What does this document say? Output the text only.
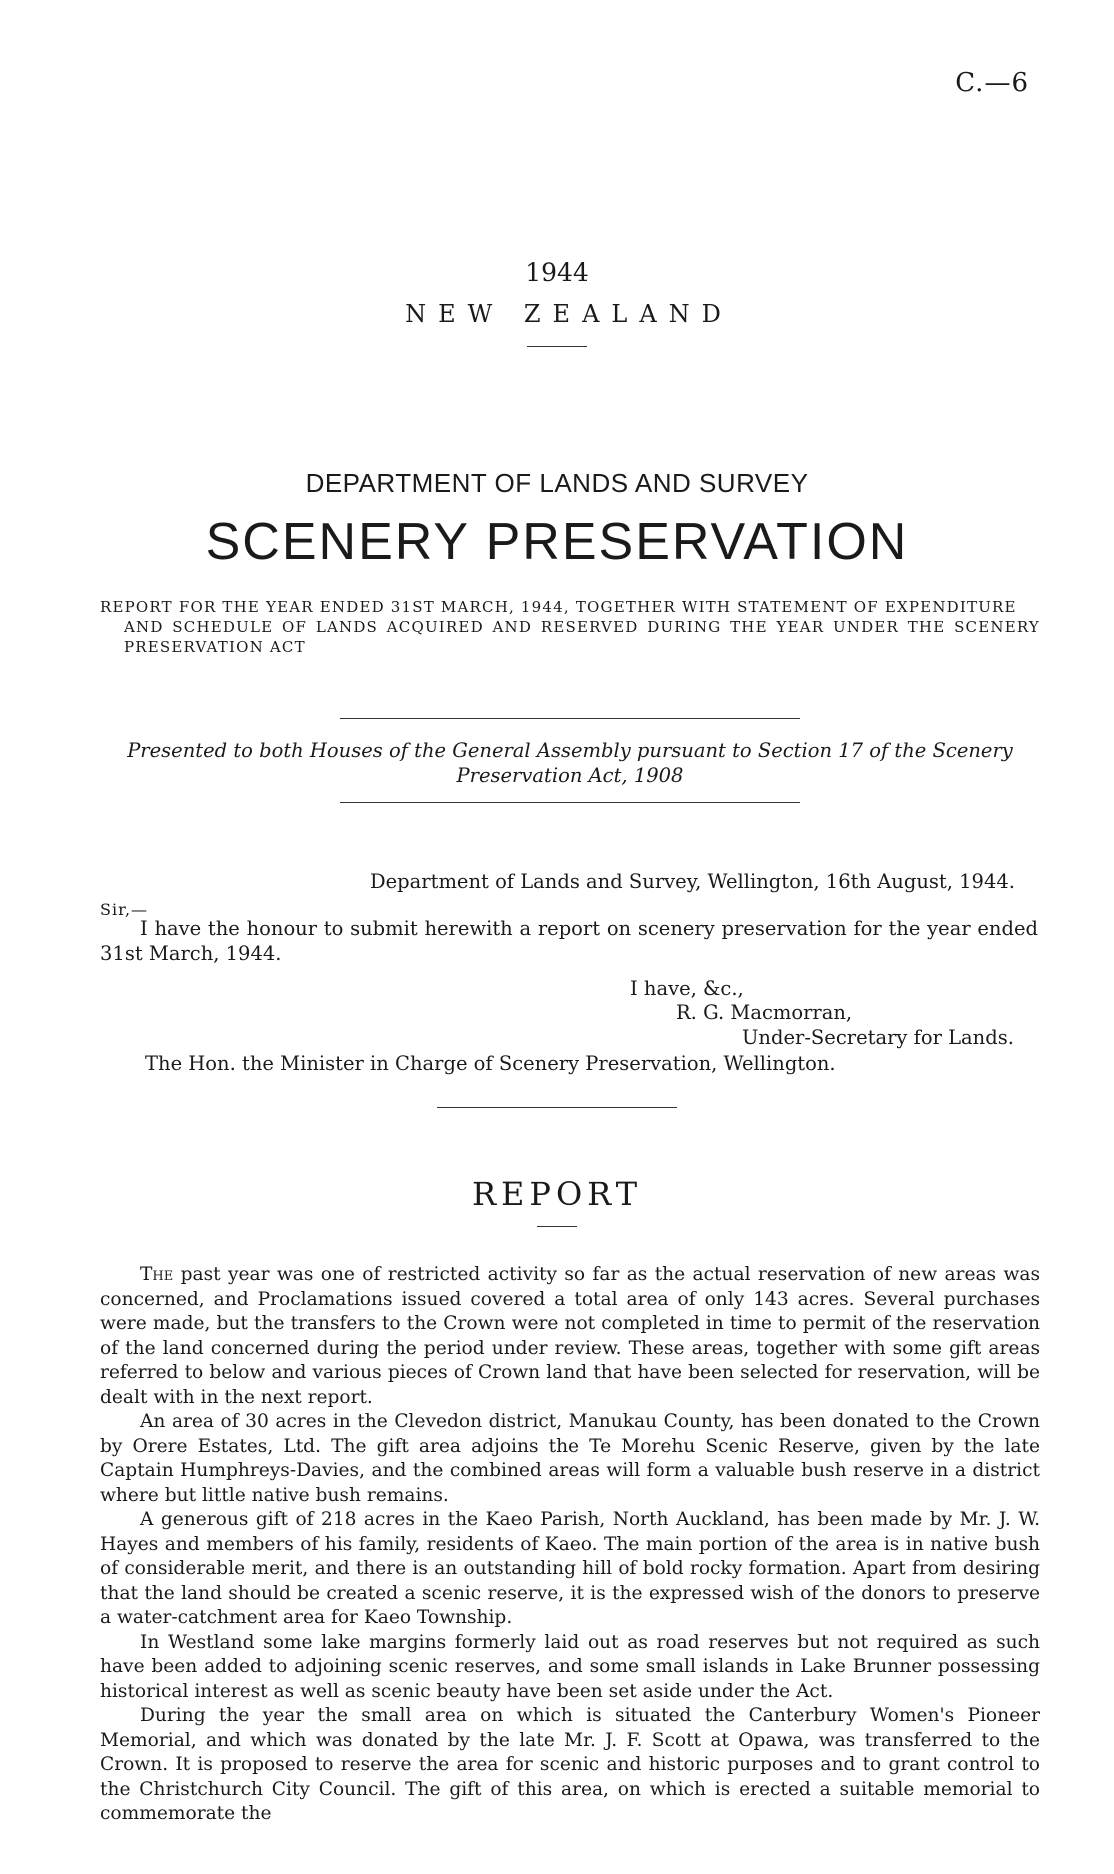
C.—6
1944
NEW ZEALAND
DEPARTMENT OF LANDS AND SURVEY
SCENERY PRESERVATION
REPORT FOR THE YEAR ENDED 31ST MARCH, 1944, TOGETHER WITH STATEMENT OF EXPENDITURE
AND SCHEDULE OF LANDS ACQUIRED AND RESERVED DURING THE YEAR UNDER THE SCENERY PRESERVATION ACT
Presented to both Houses of the General Assembly pursuant to Section 17 of the Scenery Preservation Act, 1908
Department of Lands and Survey, Wellington, 16th August, 1944.
Sir,—
I have the honour to submit herewith a report on scenery preservation for the year ended 31st March, 1944.
I have, &c.,
R. G. Macmorran,
Under-Secretary for Lands.
The Hon. the Minister in Charge of Scenery Preservation, Wellington.
REPORT

The past year was one of restricted activity so far as the actual reservation of new areas was concerned, and Proclamations issued covered a total area of only 143 acres. Several purchases were made, but the transfers to the Crown were not completed in time to permit of the reservation of the land concerned during the period under review. These areas, together with some gift areas referred to below and various pieces of Crown land that have been selected for reservation, will be dealt with in the next report.

An area of 30 acres in the Clevedon district, Manukau County, has been donated to the Crown by Orere Estates, Ltd. The gift area adjoins the Te Morehu Scenic Reserve, given by the late Captain Humphreys-Davies, and the combined areas will form a valuable bush reserve in a district where but little native bush remains.

A generous gift of 218 acres in the Kaeo Parish, North Auckland, has been made by Mr. J. W. Hayes and members of his family, residents of Kaeo. The main portion of the area is in native bush of considerable merit, and there is an outstanding hill of bold rocky formation. Apart from desiring that the land should be created a scenic reserve, it is the expressed wish of the donors to preserve a water-catchment area for Kaeo Township.

In Westland some lake margins formerly laid out as road reserves but not required as such have been added to adjoining scenic reserves, and some small islands in Lake Brunner possessing historical interest as well as scenic beauty have been set aside under the Act.

During the year the small area on which is situated the Canterbury Women's Pioneer Memorial, and which was donated by the late Mr. J. F. Scott at Opawa, was transferred to the Crown. It is proposed to reserve the area for scenic and historic purposes and to grant control to the Christchurch City Council. The gift of this area, on which is erected a suitable memorial to commemorate the
